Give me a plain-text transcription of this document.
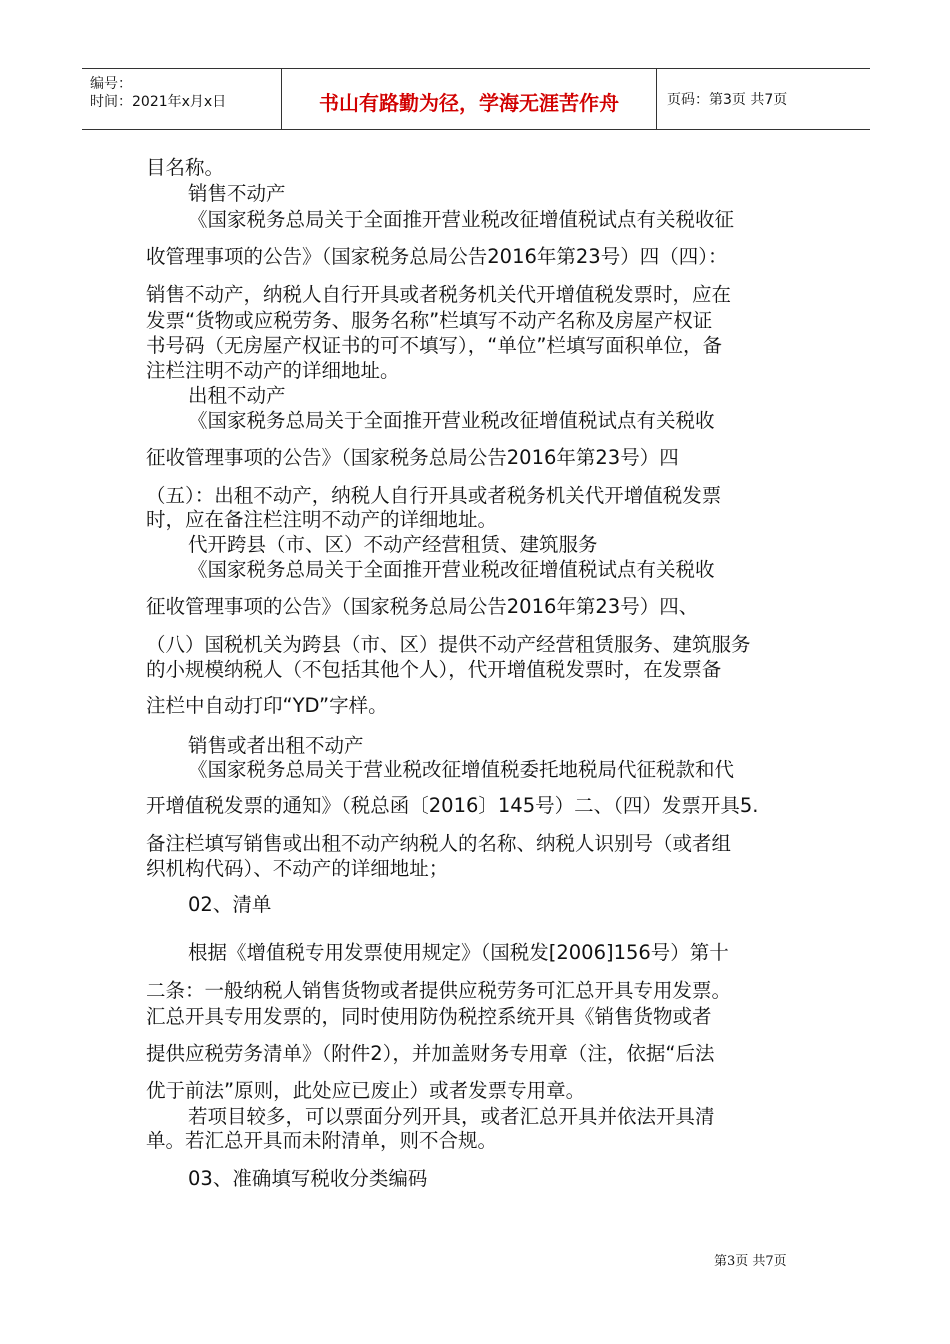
编号：
时间：2021年x月x日	书山有路勤为径，学海无涯苦作舟	页码：第3页 共7页
目名称。
销售不动产
《国家税务总局关于全面推开营业税改征增值税试点有关税收征
收管理事项的公告》（国家税务总局公告2016年第23号）四（四）：
销售不动产，纳税人自行开具或者税务机关代开增值税发票时，应在
发票“货物或应税劳务、服务名称”栏填写不动产名称及房屋产权证
书号码（无房屋产权证书的可不填写），“单位”栏填写面积单位，备
注栏注明不动产的详细地址。
出租不动产
《国家税务总局关于全面推开营业税改征增值税试点有关税收
征收管理事项的公告》（国家税务总局公告2016年第23号）四
（五）：出租不动产，纳税人自行开具或者税务机关代开增值税发票
时，应在备注栏注明不动产的详细地址。
代开跨县（市、区）不动产经营租赁、建筑服务
《国家税务总局关于全面推开营业税改征增值税试点有关税收
征收管理事项的公告》（国家税务总局公告2016年第23号）四、
（八）国税机关为跨县（市、区）提供不动产经营租赁服务、建筑服务
的小规模纳税人（不包括其他个人），代开增值税发票时，在发票备
注栏中自动打印“YD”字样。
销售或者出租不动产
《国家税务总局关于营业税改征增值税委托地税局代征税款和代
开增值税发票的通知》（税总函〔2016〕145号）二、（四）发票开具5.
备注栏填写销售或出租不动产纳税人的名称、纳税人识别号（或者组
织机构代码）、不动产的详细地址；
02、清单
根据《增值税专用发票使用规定》（国税发[2006]156号）第十
二条：一般纳税人销售货物或者提供应税劳务可汇总开具专用发票。
汇总开具专用发票的，同时使用防伪税控系统开具《销售货物或者
提供应税劳务清单》（附件2），并加盖财务专用章（注，依据“后法
优于前法”原则，此处应已废止）或者发票专用章。
若项目较多，可以票面分列开具，或者汇总开具并依法开具清
单。若汇总开具而未附清单，则不合规。
03、准确填写税收分类编码
第3页 共7页
